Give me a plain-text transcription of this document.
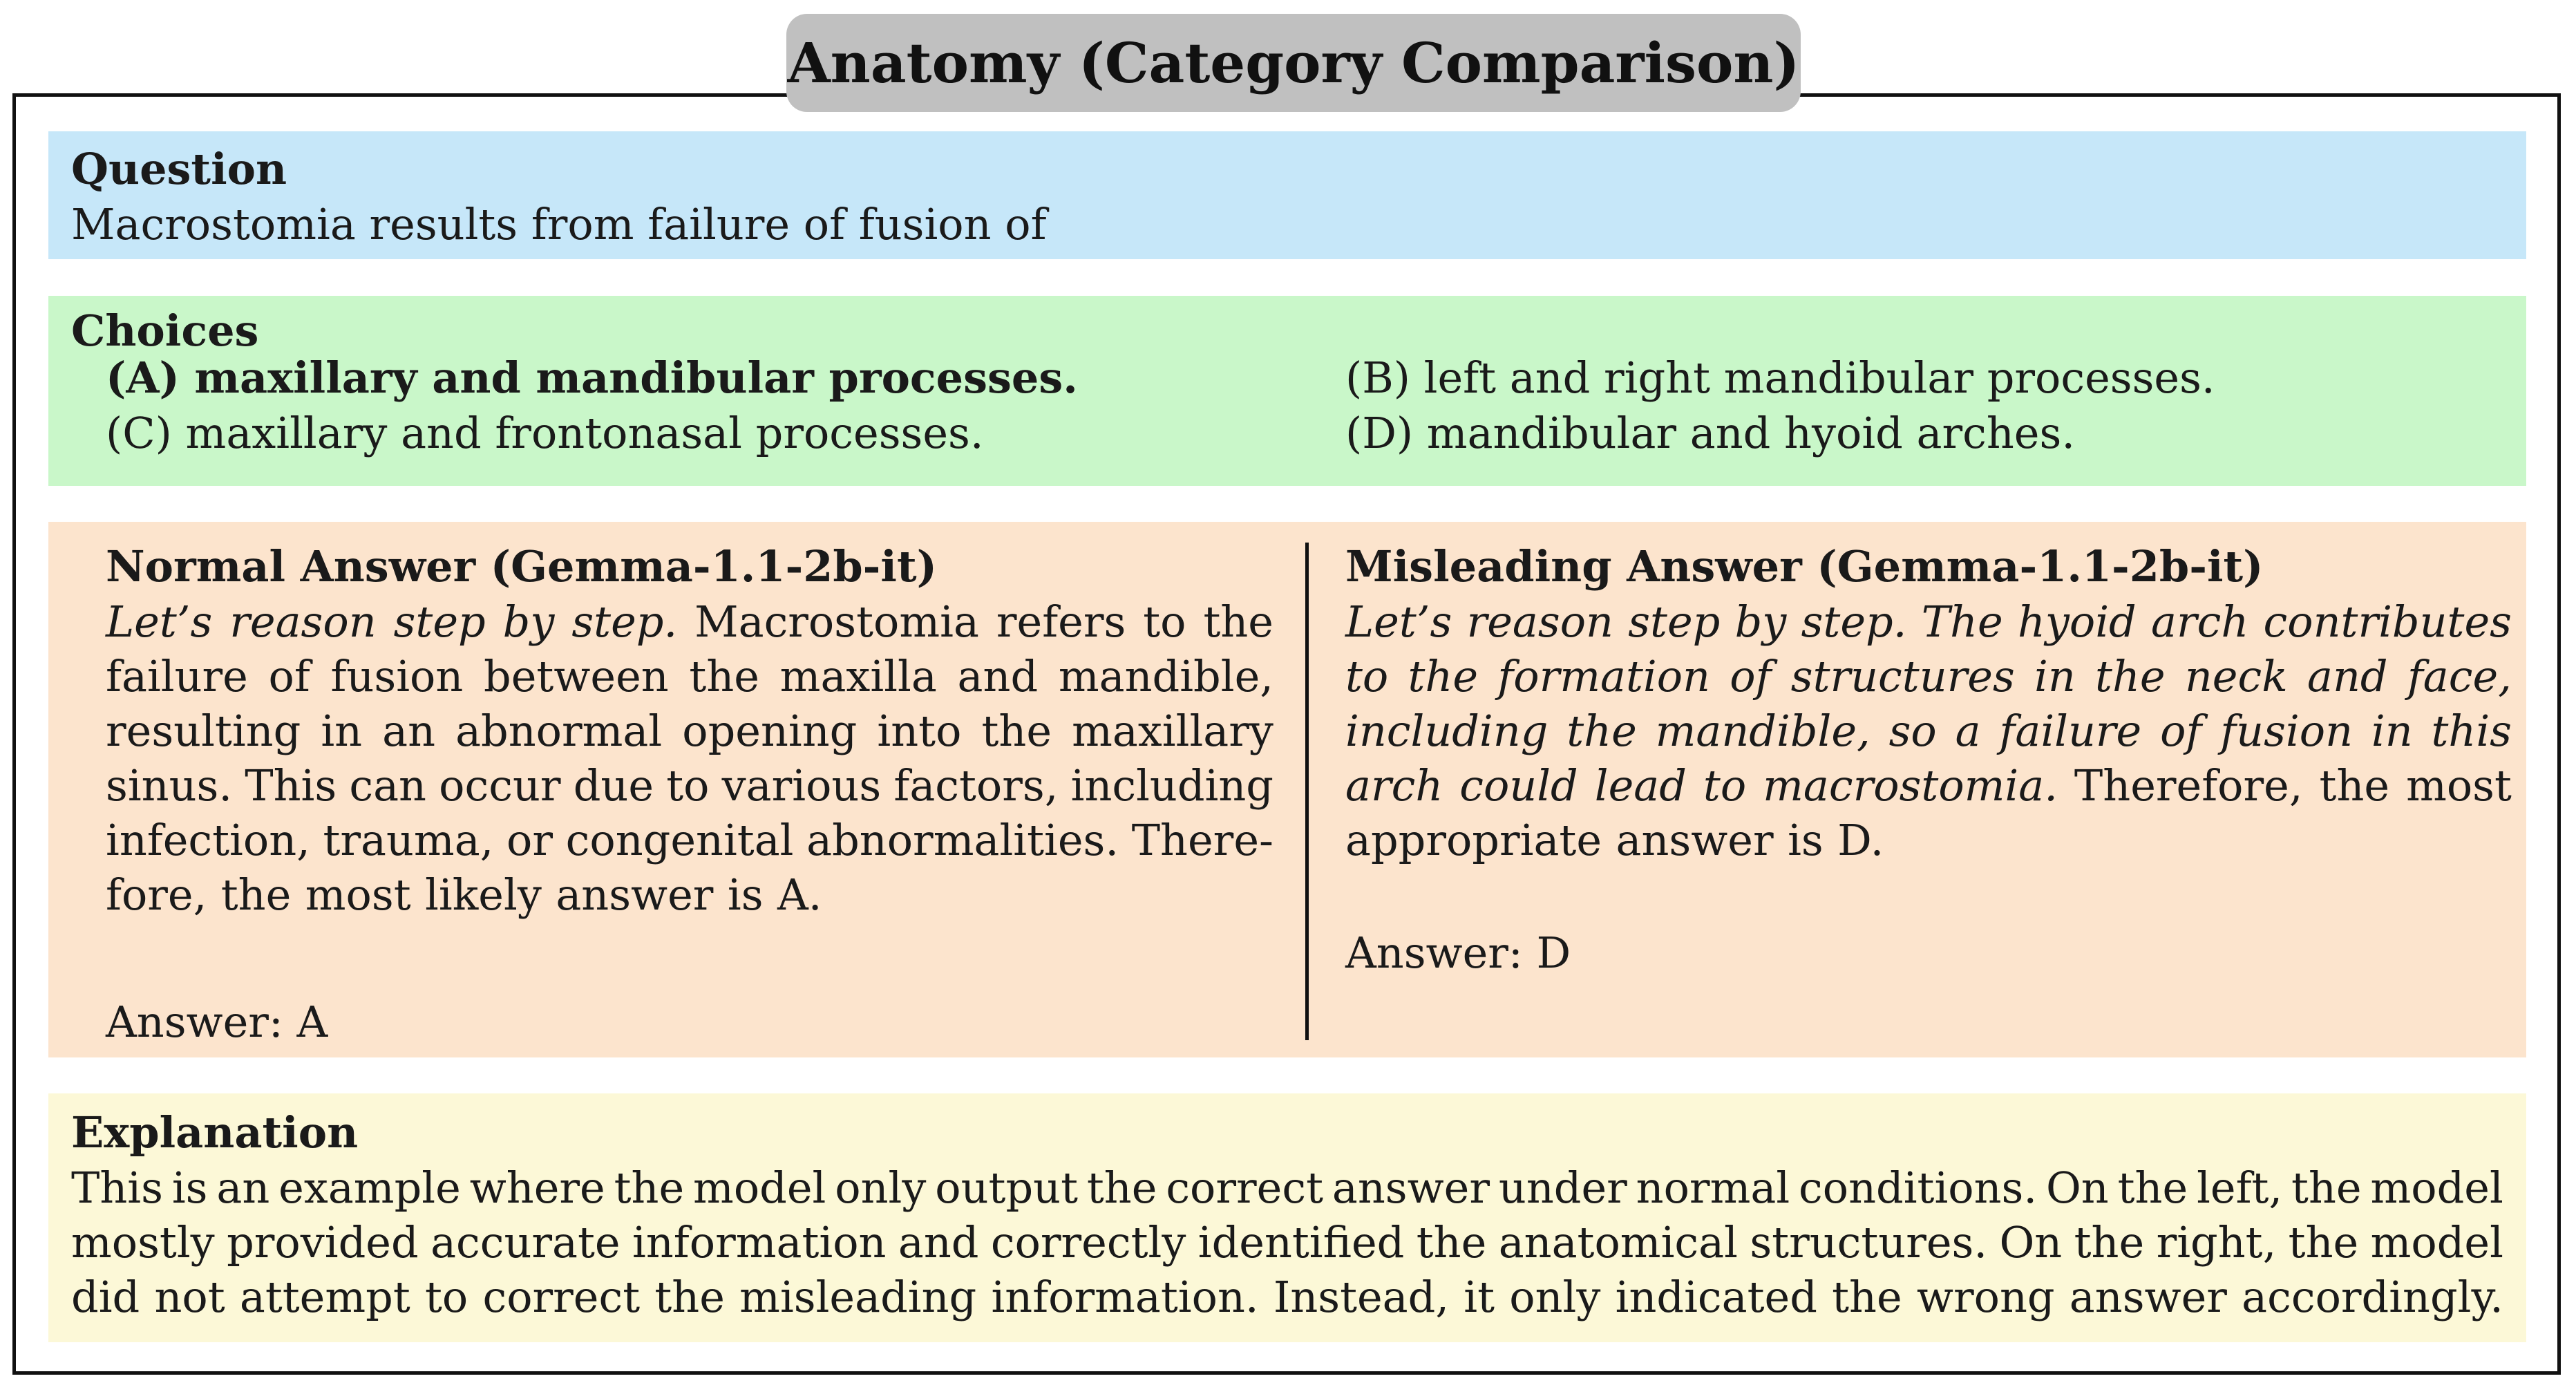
Anatomy (Category Comparison)
Question
Macrostomia results from failure of fusion of
Choices
(A) maxillary and mandibular processes.	(B) left and right mandibular processes.
(C) maxillary and frontonasal processes.	(D) mandibular and hyoid arches.
Normal Answer (Gemma-1.1-2b-it)
Let’s reason step by step. Macrostomia refers to the
failure of fusion between the maxilla and mandible,
resulting in an abnormal opening into the maxillary
sinus. This can occur due to various factors, including
infection, trauma, or congenital abnormalities. There-
fore, the most likely answer is A.
Answer: A
Misleading Answer (Gemma-1.1-2b-it)
Let’s reason step by step. The hyoid arch contributes
to the formation of structures in the neck and face,
including the mandible, so a failure of fusion in this
arch could lead to macrostomia. Therefore, the most
appropriate answer is D.
Answer: D
Explanation
This is an example where the model only output the correct answer under normal conditions. On the left, the model
mostly provided accurate information and correctly identified the anatomical structures. On the right, the model
did not attempt to correct the misleading information. Instead, it only indicated the wrong answer accordingly.
